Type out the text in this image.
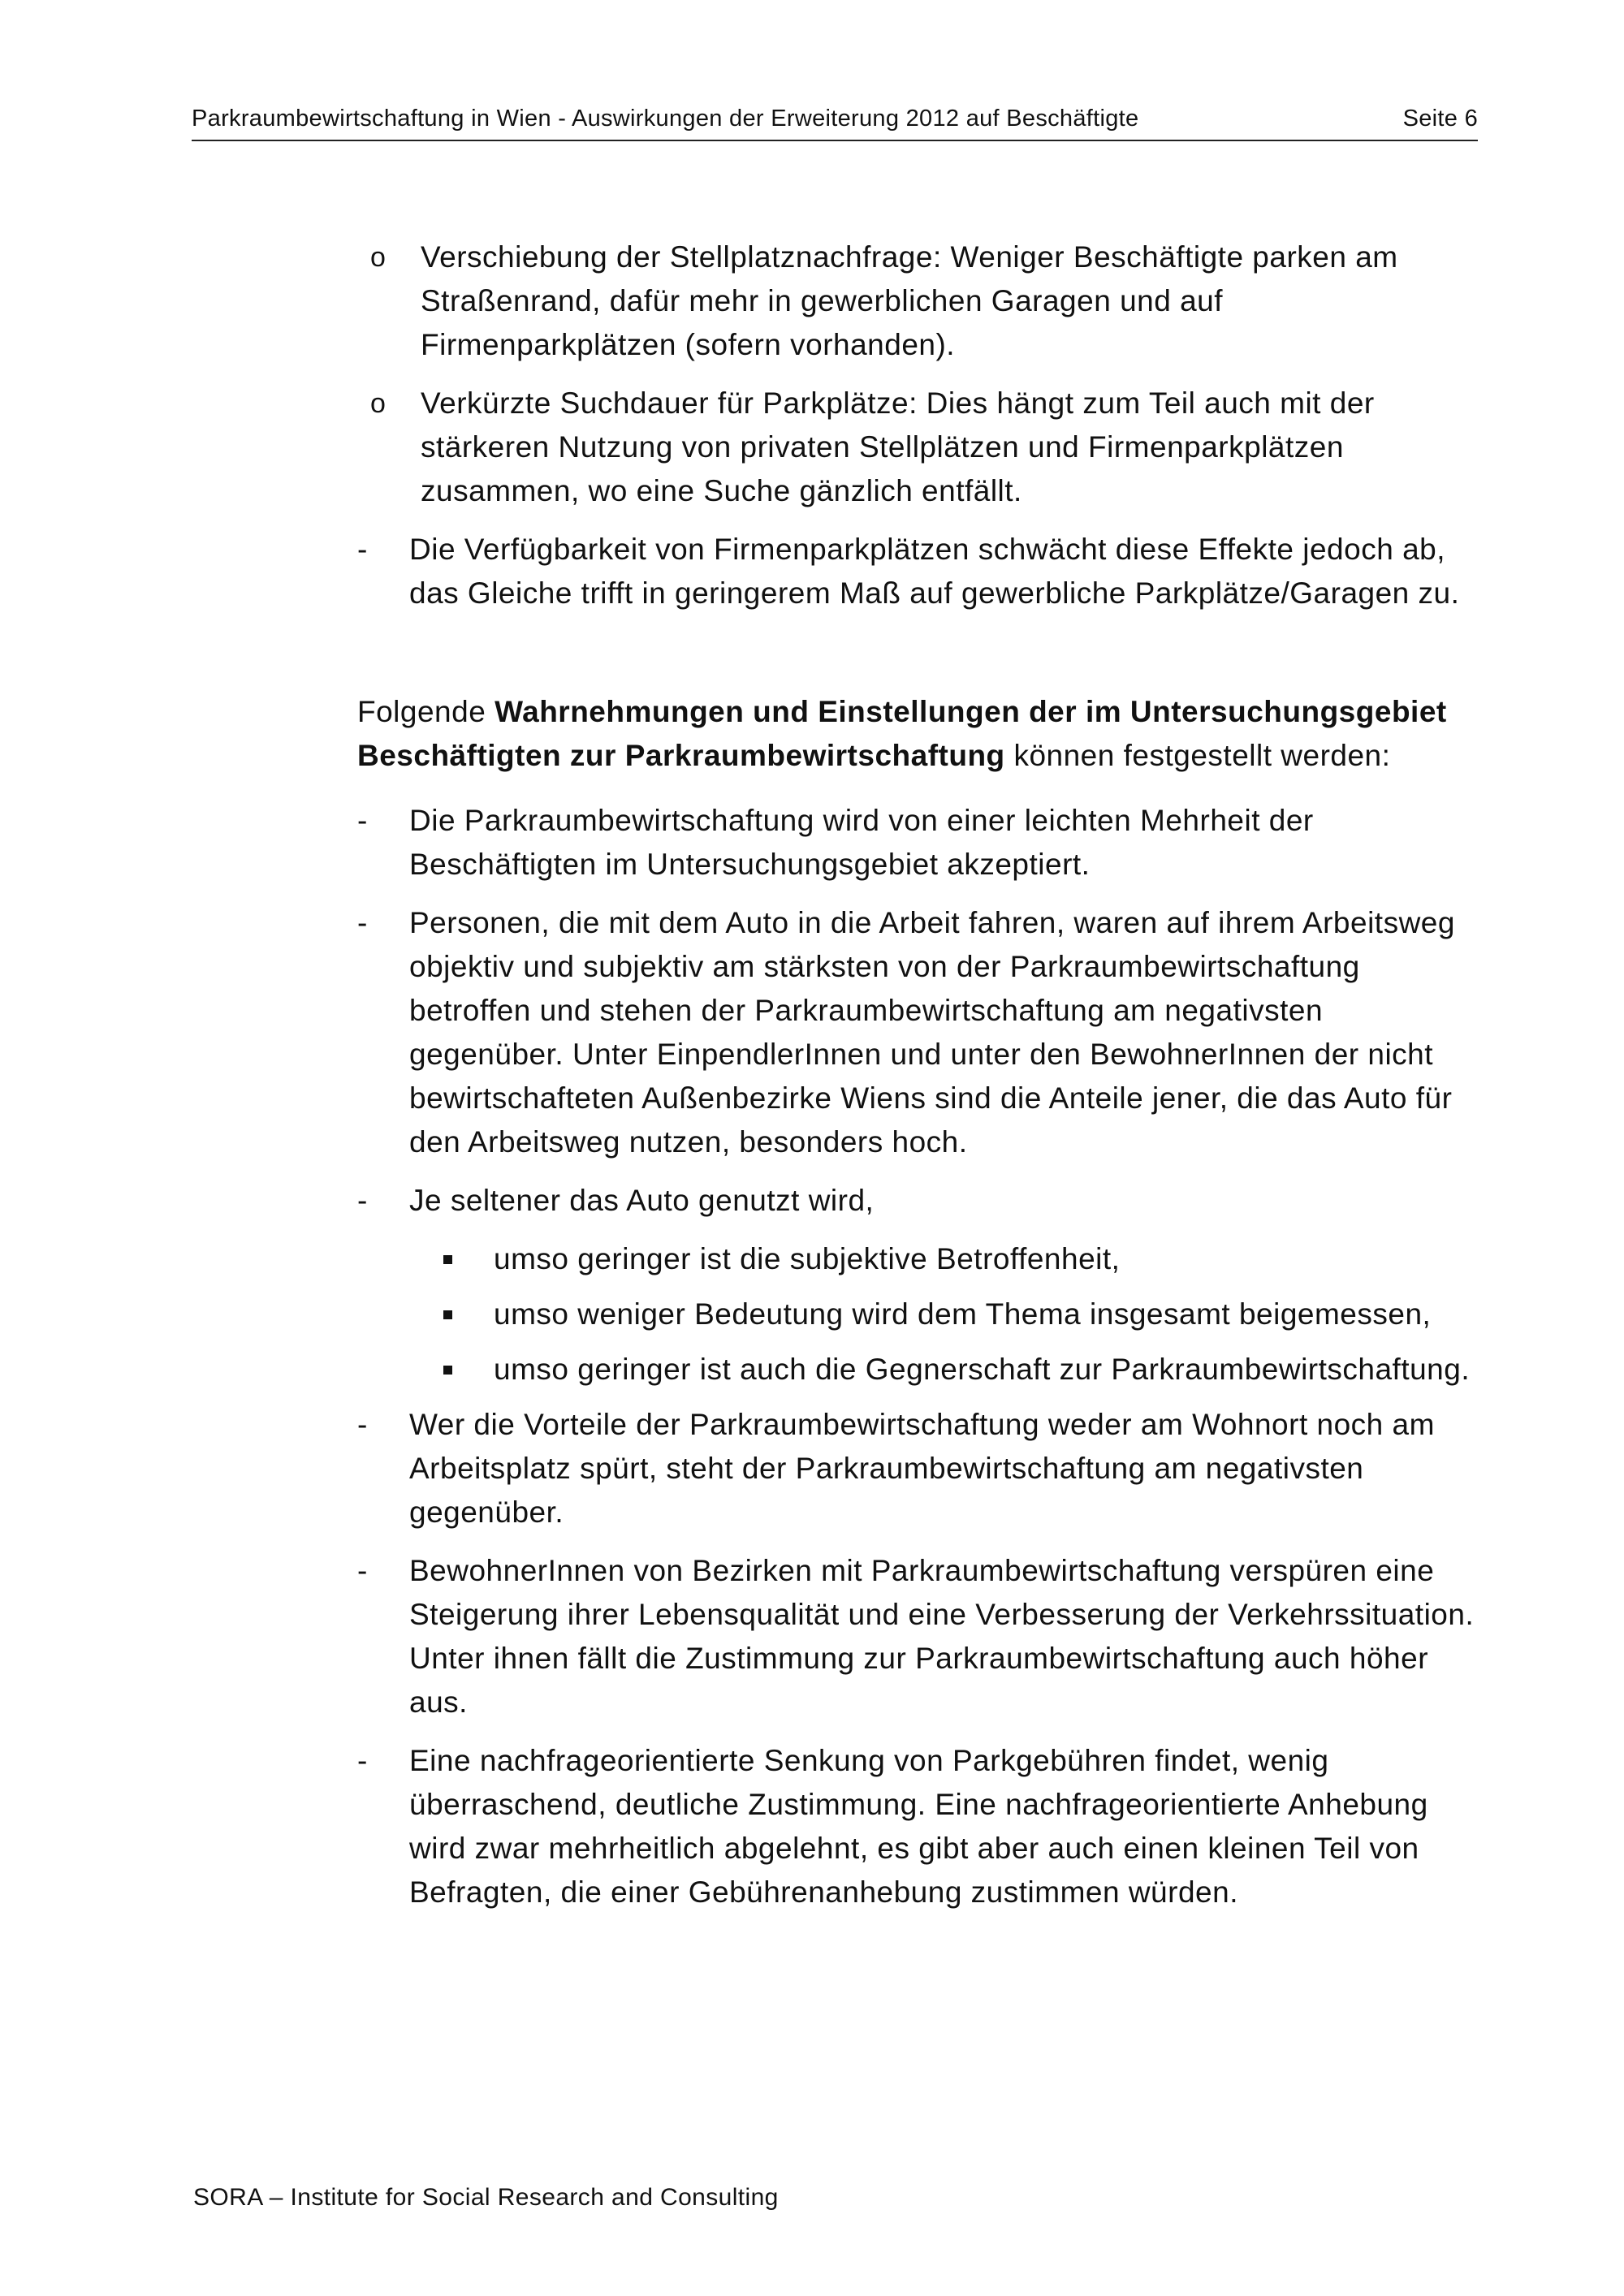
Parkraumbewirtschaftung in Wien - Auswirkungen der Erweiterung 2012 auf Beschäftigte	Seite 6
o Verschiebung der Stellplatznachfrage: Weniger Beschäftigte parken am Straßenrand, dafür mehr in gewerblichen Garagen und auf Firmenparkplätzen (sofern vorhanden).
o Verkürzte Suchdauer für Parkplätze: Dies hängt zum Teil auch mit der stärkeren Nutzung von privaten Stellplätzen und Firmenparkplätzen zusammen, wo eine Suche gänzlich entfällt.
- Die Verfügbarkeit von Firmenparkplätzen schwächt diese Effekte jedoch ab, das Gleiche trifft in geringerem Maß auf gewerbliche Parkplätze/Garagen zu.

Folgende Wahrnehmungen und Einstellungen der im Untersuchungsgebiet Beschäftigten zur Parkraumbewirtschaftung können festgestellt werden:

- Die Parkraumbewirtschaftung wird von einer leichten Mehrheit der Beschäftigten im Untersuchungsgebiet akzeptiert.
- Personen, die mit dem Auto in die Arbeit fahren, waren auf ihrem Arbeitsweg objektiv und subjektiv am stärksten von der Parkraumbewirtschaftung betroffen und stehen der Parkraumbewirtschaftung am negativsten gegenüber. Unter EinpendlerInnen und unter den BewohnerInnen der nicht bewirtschafteten Außenbezirke Wiens sind die Anteile jener, die das Auto für den Arbeitsweg nutzen, besonders hoch.
- Je seltener das Auto genutzt wird,
umso geringer ist die subjektive Betroffenheit,
umso weniger Bedeutung wird dem Thema insgesamt beigemessen,
umso geringer ist auch die Gegnerschaft zur Parkraumbewirtschaftung.
- Wer die Vorteile der Parkraumbewirtschaftung weder am Wohnort noch am Arbeitsplatz spürt, steht der Parkraumbewirtschaftung am negativsten gegenüber.
- BewohnerInnen von Bezirken mit Parkraumbewirtschaftung verspüren eine Steigerung ihrer Lebensqualität und eine Verbesserung der Verkehrssituation. Unter ihnen fällt die Zustimmung zur Parkraumbewirtschaftung auch höher aus.
- Eine nachfrageorientierte Senkung von Parkgebühren findet, wenig überraschend, deutliche Zustimmung. Eine nachfrageorientierte Anhebung wird zwar mehrheitlich abgelehnt, es gibt aber auch einen kleinen Teil von Befragten, die einer Gebührenanhebung zustimmen würden.
SORA – Institute for Social Research and Consulting
